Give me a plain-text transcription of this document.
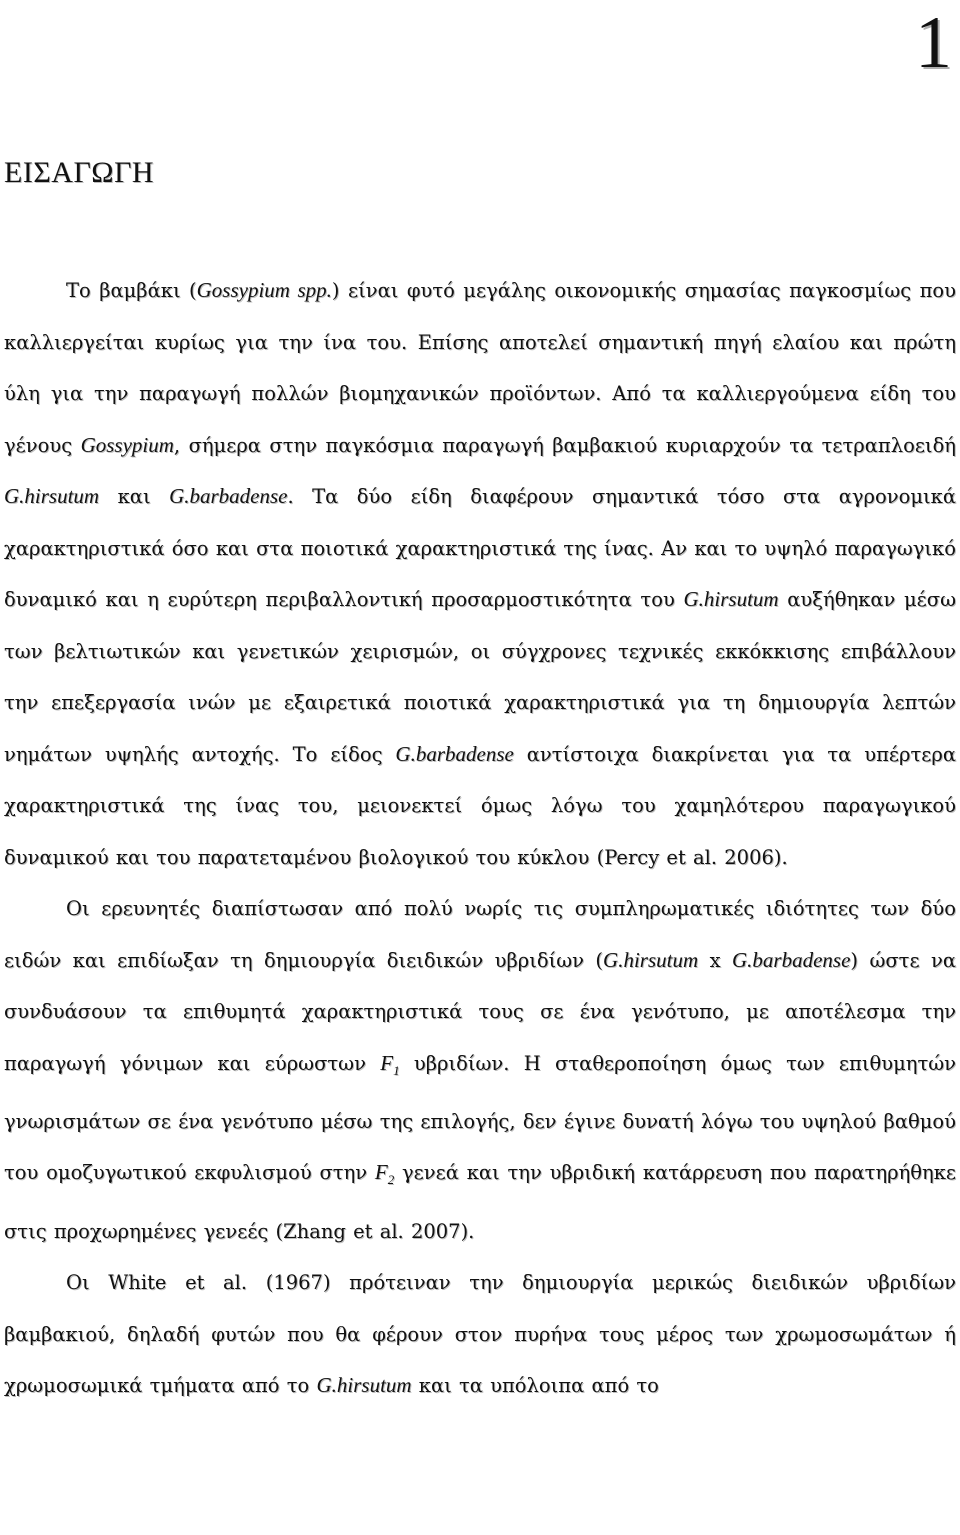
1
ΕΙΣΑΓΩΓΗ

Το βαμβάκι (Gossypium spp.) είναι φυτό μεγάλης οικονομικής σημασίας παγκοσμίως που καλλιεργείται κυρίως για την ίνα του. Επίσης αποτελεί σημαντική πηγή ελαίου και πρώτη ύλη για την παραγωγή πολλών βιομηχανικών προϊόντων. Από τα καλλιεργούμενα είδη του γένους Gossypium, σήμερα στην παγκόσμια παραγωγή βαμβακιού κυριαρχούν τα τετραπλοειδή G.hirsutum και G.barbadense. Τα δύο είδη διαφέρουν σημαντικά τόσο στα αγρονομικά χαρακτηριστικά όσο και στα ποιοτικά χαρακτηριστικά της ίνας. Αν και το υψηλό παραγωγικό δυναμικό και η ευρύτερη περιβαλλοντική προσαρμοστικότητα του G.hirsutum αυξήθηκαν μέσω των βελτιωτικών και γενετικών χειρισμών, οι σύγχρονες τεχνικές εκκόκκισης επιβάλλουν την επεξεργασία ινών με εξαιρετικά ποιοτικά χαρακτηριστικά για τη δημιουργία λεπτών νημάτων υψηλής αντοχής. Το είδος G.barbadense αντίστοιχα διακρίνεται για τα υπέρτερα χαρακτηριστικά της ίνας του, μειονεκτεί όμως λόγω του χαμηλότερου παραγωγικού δυναμικού και του παρατεταμένου βιολογικού του κύκλου (Percy et al. 2006).

Οι ερευνητές διαπίστωσαν από πολύ νωρίς τις συμπληρωματικές ιδιότητες των δύο ειδών και επιδίωξαν τη δημιουργία διειδικών υβριδίων (G.hirsutum x G.barbadense) ώστε να συνδυάσουν τα επιθυμητά χαρακτηριστικά τους σε ένα γενότυπο, με αποτέλεσμα την παραγωγή γόνιμων και εύρωστων $F_1$ υβριδίων. Η σταθεροποίηση όμως των επιθυμητών γνωρισμάτων σε ένα γενότυπο μέσω της επιλογής, δεν έγινε δυνατή λόγω του υψηλού βαθμού του ομοζυγωτικού εκφυλισμού στην $F_2$ γενεά και την υβριδική κατάρρευση που παρατηρήθηκε στις προχωρημένες γενεές (Zhang et al. 2007).

Οι White et al. (1967) πρότειναν την δημιουργία μερικώς διειδικών υβριδίων βαμβακιού, δηλαδή φυτών που θα φέρουν στον πυρήνα τους μέρος των χρωμοσωμάτων ή χρωμοσωμικά τμήματα από το G.hirsutum και τα υπόλοιπα από το
